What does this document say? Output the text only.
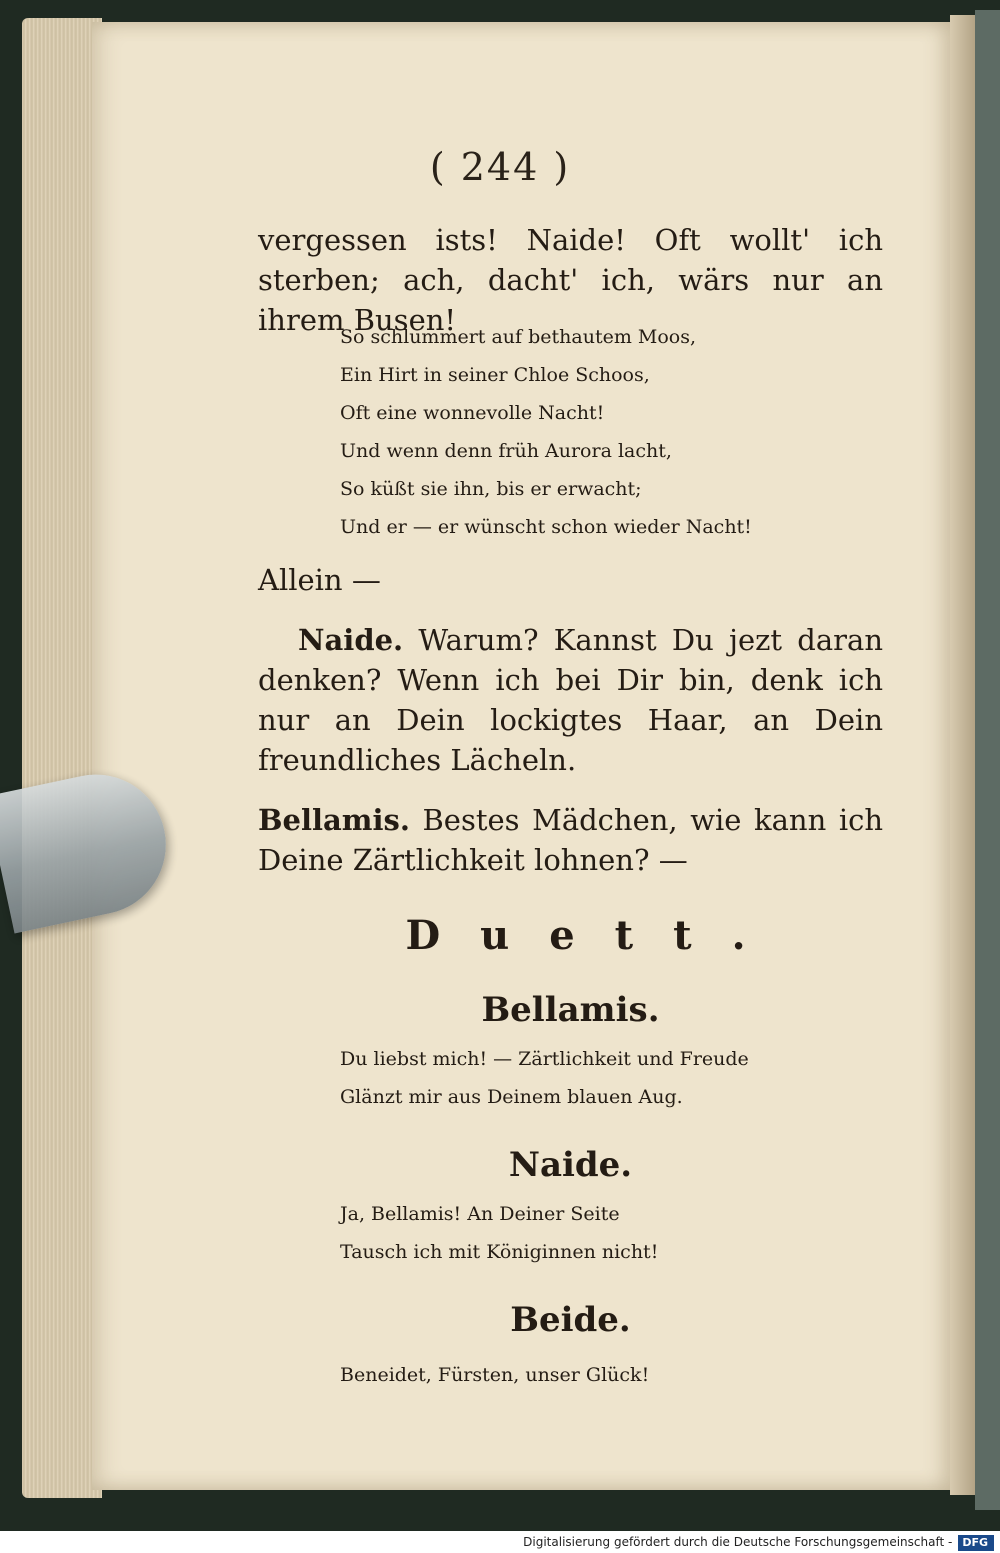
( 244 )

vergessen ists! Naide! Oft wollt' ich sterben; ach, dacht' ich, wärs nur an ihrem Busen!

So schlummert auf bethautem Moos,
Ein Hirt in seiner Chloe Schoos,
Oft eine wonnevolle Nacht!
Und wenn denn früh Aurora lacht,
So küßt sie ihn, bis er erwacht;
Und er — er wünscht schon wieder Nacht!

Allein —

Naide. Warum? Kannst Du jezt daran denken? Wenn ich bei Dir bin, denk ich nur an Dein lockigtes Haar, an Dein freundliches Lächeln.

Bellamis. Bestes Mädchen, wie kann ich Deine Zärtlichkeit lohnen? —

Duett.
Bellamis.
Du liebst mich! — Zärtlichkeit und Freude
Glänzt mir aus Deinem blauen Aug.
Naide.
Ja, Bellamis! An Deiner Seite
Tausch ich mit Königinnen nicht!
Beide.
Beneidet, Fürsten, unser Glück!
Digitalisierung gefördert durch die Deutsche Forschungsgemeinschaft - DFG
